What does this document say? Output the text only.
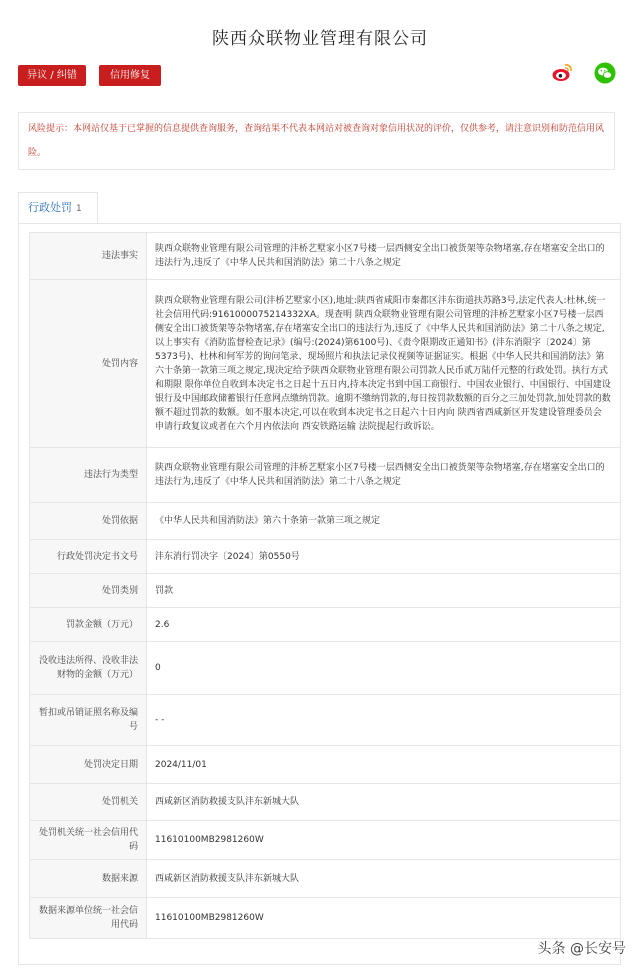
陕西众联物业管理有限公司
异议 / 纠错	信用修复
风险提示：本网站仅基于已掌握的信息提供查询服务，查询结果不代表本网站对被查询对象信用状况的评价，仅供参考，请注意识别和防范信用风险。
行政处罚 1
违法事实	陕西众联物业管理有限公司管理的沣桥艺墅家小区7号楼一层西侧安全出口被货架等杂物堵塞,存在堵塞安全出口的违法行为,违反了《中华人民共和国消防法》第二十八条之规定
处罚内容	陕西众联物业管理有限公司(沣桥艺墅家小区),地址:陕西省咸阳市秦都区沣东街道扶苏路3号,法定代表人:杜林,统一社会信用代码:9161000075214332XA。现查明 陕西众联物业管理有限公司管理的沣桥艺墅家小区7号楼一层西侧安全出口被货架等杂物堵塞,存在堵塞安全出口的违法行为,违反了《中华人民共和国消防法》第二十八条之规定,以上事实有《消防监督检查记录》(编号:(2024)第6100号)、《责令限期改正通知书》(沣东消限字〔2024〕第5373号)、杜林和何军芳的询问笔录、现场照片和执法记录仪视频等证据证实。根据《中华人民共和国消防法》第六十条第一款第三项之规定,现决定给予陕西众联物业管理有限公司罚款人民币贰万陆仟元整的行政处罚。执行方式和期限 限你单位自收到本决定书之日起十五日内,持本决定书到中国工商银行、中国农业银行、中国银行、中国建设银行及中国邮政储蓄银行任意网点缴纳罚款。逾期不缴纳罚款的,每日按罚款数额的百分之三加处罚款,加处罚款的数额不超过罚款的数额。如不服本决定,可以在收到本决定书之日起六十日内向 陕西省西咸新区开发建设管理委员会 申请行政复议或者在六个月内依法向 西安铁路运输 法院提起行政诉讼。
违法行为类型	陕西众联物业管理有限公司管理的沣桥艺墅家小区7号楼一层西侧安全出口被货架等杂物堵塞,存在堵塞安全出口的违法行为,违反了《中华人民共和国消防法》第二十八条之规定
处罚依据	《中华人民共和国消防法》第六十条第一款第三项之规定
行政处罚决定书文号	沣东消行罚决字〔2024〕第0550号
处罚类别	罚款
罚款金额（万元）	2.6
没收违法所得、没收非法财物的金额（万元）	0
暂扣或吊销证照名称及编号	- -
处罚决定日期	2024/11/01
处罚机关	西咸新区消防救援支队沣东新城大队
处罚机关统一社会信用代码	11610100MB2981260W
数据来源	西咸新区消防救援支队沣东新城大队
数据来源单位统一社会信用代码	11610100MB2981260W
头条 @长安号
